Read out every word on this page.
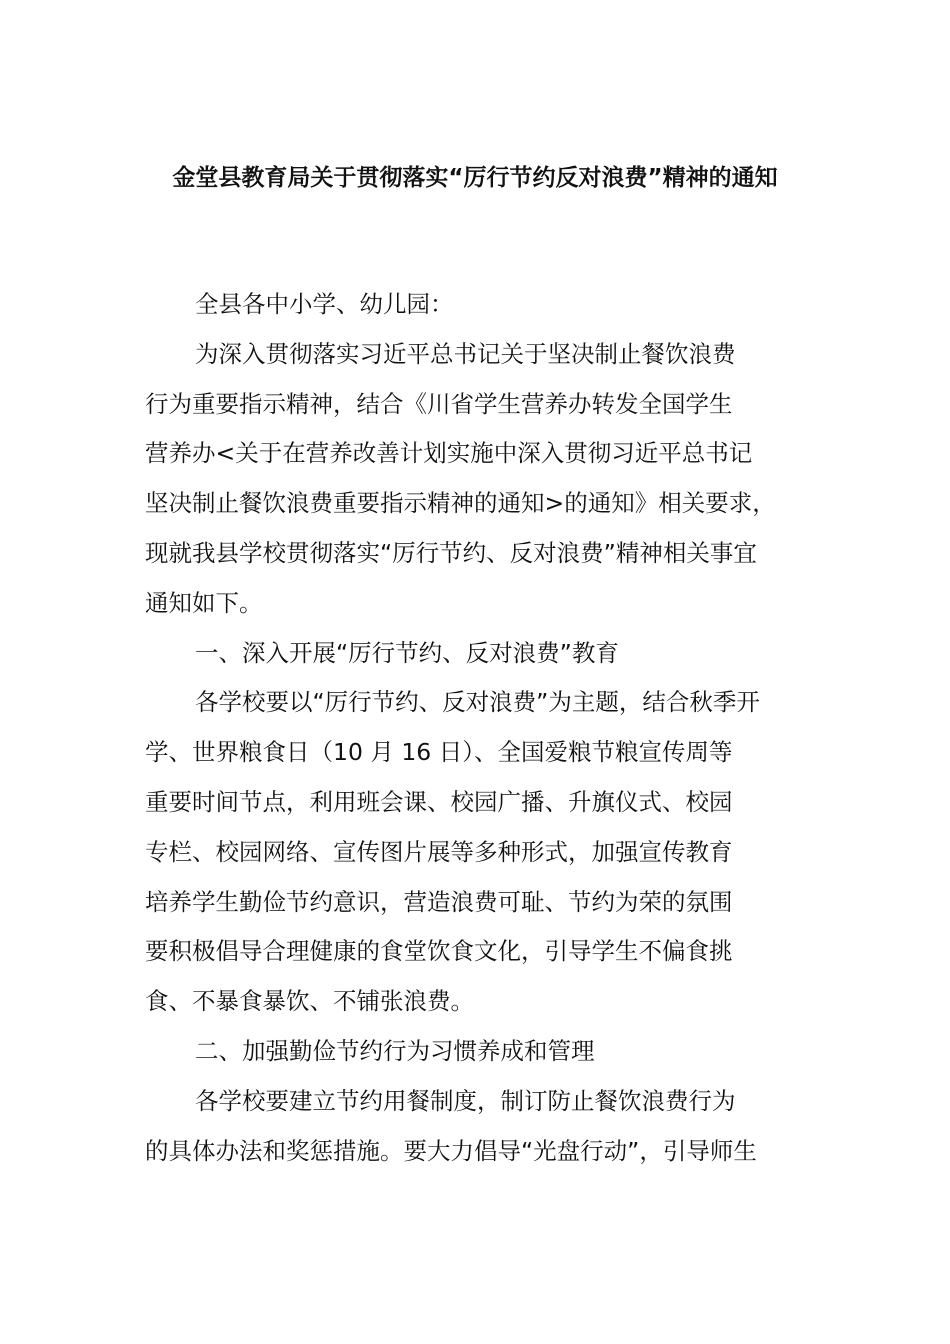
金堂县教育局关于贯彻落实“厉行节约反对浪费”精神的通知
全县各中小学、幼儿园：
为深入贯彻落实习近平总书记关于坚决制止餐饮浪费
行为重要指示精神，结合《川省学生营养办转发全国学生
营养办<关于在营养改善计划实施中深入贯彻习近平总书记
坚决制止餐饮浪费重要指示精神的通知>的通知》相关要求，
现就我县学校贯彻落实“厉行节约、反对浪费”精神相关事宜
通知如下。
一、深入开展“厉行节约、反对浪费”教育
各学校要以“厉行节约、反对浪费”为主题，结合秋季开
学、世界粮食日（10 月 16 日）、全国爱粮节粮宣传周等
重要时间节点，利用班会课、校园广播、升旗仪式、校园
专栏、校园网络、宣传图片展等多种形式，加强宣传教育
培养学生勤俭节约意识，营造浪费可耻、节约为荣的氛围
要积极倡导合理健康的食堂饮食文化，引导学生不偏食挑
食、不暴食暴饮、不铺张浪费。
二、加强勤俭节约行为习惯养成和管理
各学校要建立节约用餐制度，制订防止餐饮浪费行为
的具体办法和奖惩措施。要大力倡导“光盘行动”，引导师生
